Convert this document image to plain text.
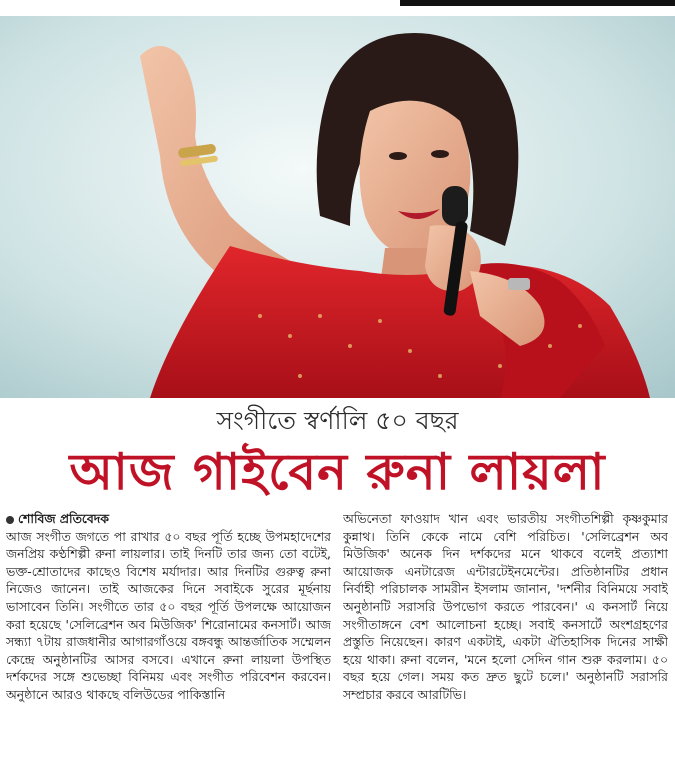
সংগীতে স্বর্ণালি ৫০ বছর
আজ গাইবেন রুনা লায়লা

শোবিজ প্রতিবেদক

আজ সংগীত জগতে পা রাখার ৫০ বছর পূর্তি হচ্ছে উপমহাদেশের জনপ্রিয় কণ্ঠশিল্পী রুনা লায়লার। তাই দিনটি তার জন্য তো বটেই, ভক্ত-শ্রোতাদের কাছেও বিশেষ মর্যাদার। আর দিনটির গুরুত্ব রুনা নিজেও জানেন। তাই আজকের দিনে সবাইকে সুরের মূর্ছনায় ভাসাবেন তিনি। সংগীতে তার ৫০ বছর পূর্তি উপলক্ষে আয়োজন করা হয়েছে 'সেলিব্রেশন অব মিউজিক' শিরোনামের কনসার্ট। আজ সন্ধ্যা ৭টায় রাজধানীর আগারগাঁওয়ে বঙ্গবন্ধু আন্তর্জাতিক সম্মেলন কেন্দ্রে অনুষ্ঠানটির আসর বসবে। এখানে রুনা লায়লা উপস্থিত দর্শকদের সঙ্গে শুভেচ্ছা বিনিময় এবং সংগীত পরিবেশন করবেন। অনুষ্ঠানে আরও থাকছে বলিউডের পাকিস্তানি

অভিনেতা ফাওয়াদ খান এবং ভারতীয় সংগীতশিল্পী কৃষ্ণকুমার কুন্নাথ। তিনি কেকে নামে বেশি পরিচিত। 'সেলিব্রেশন অব মিউজিক' অনেক দিন দর্শকদের মনে থাকবে বলেই প্রত্যাশা আয়োজক এনটারেজ এন্টারটেইনমেন্টের। প্রতিষ্ঠানটির প্রধান নির্বাহী পরিচালক সামরীন ইসলাম জানান, 'দর্শনীর বিনিময়ে সবাই অনুষ্ঠানটি সরাসরি উপভোগ করতে পারবেন।' এ কনসার্ট নিয়ে সংগীতাঙ্গনে বেশ আলোচনা হচ্ছে। সবাই কনসার্টে অংশগ্রহণের প্রস্তুতি নিয়েছেন। কারণ একটাই, একটা ঐতিহাসিক দিনের সাক্ষী হয়ে থাকা। রুনা বলেন, 'মনে হলো সেদিন গান শুরু করলাম। ৫০ বছর হয়ে গেল। সময় কত দ্রুত ছুটে চলে।' অনুষ্ঠানটি সরাসরি সম্প্রচার করবে আরটিভি।
